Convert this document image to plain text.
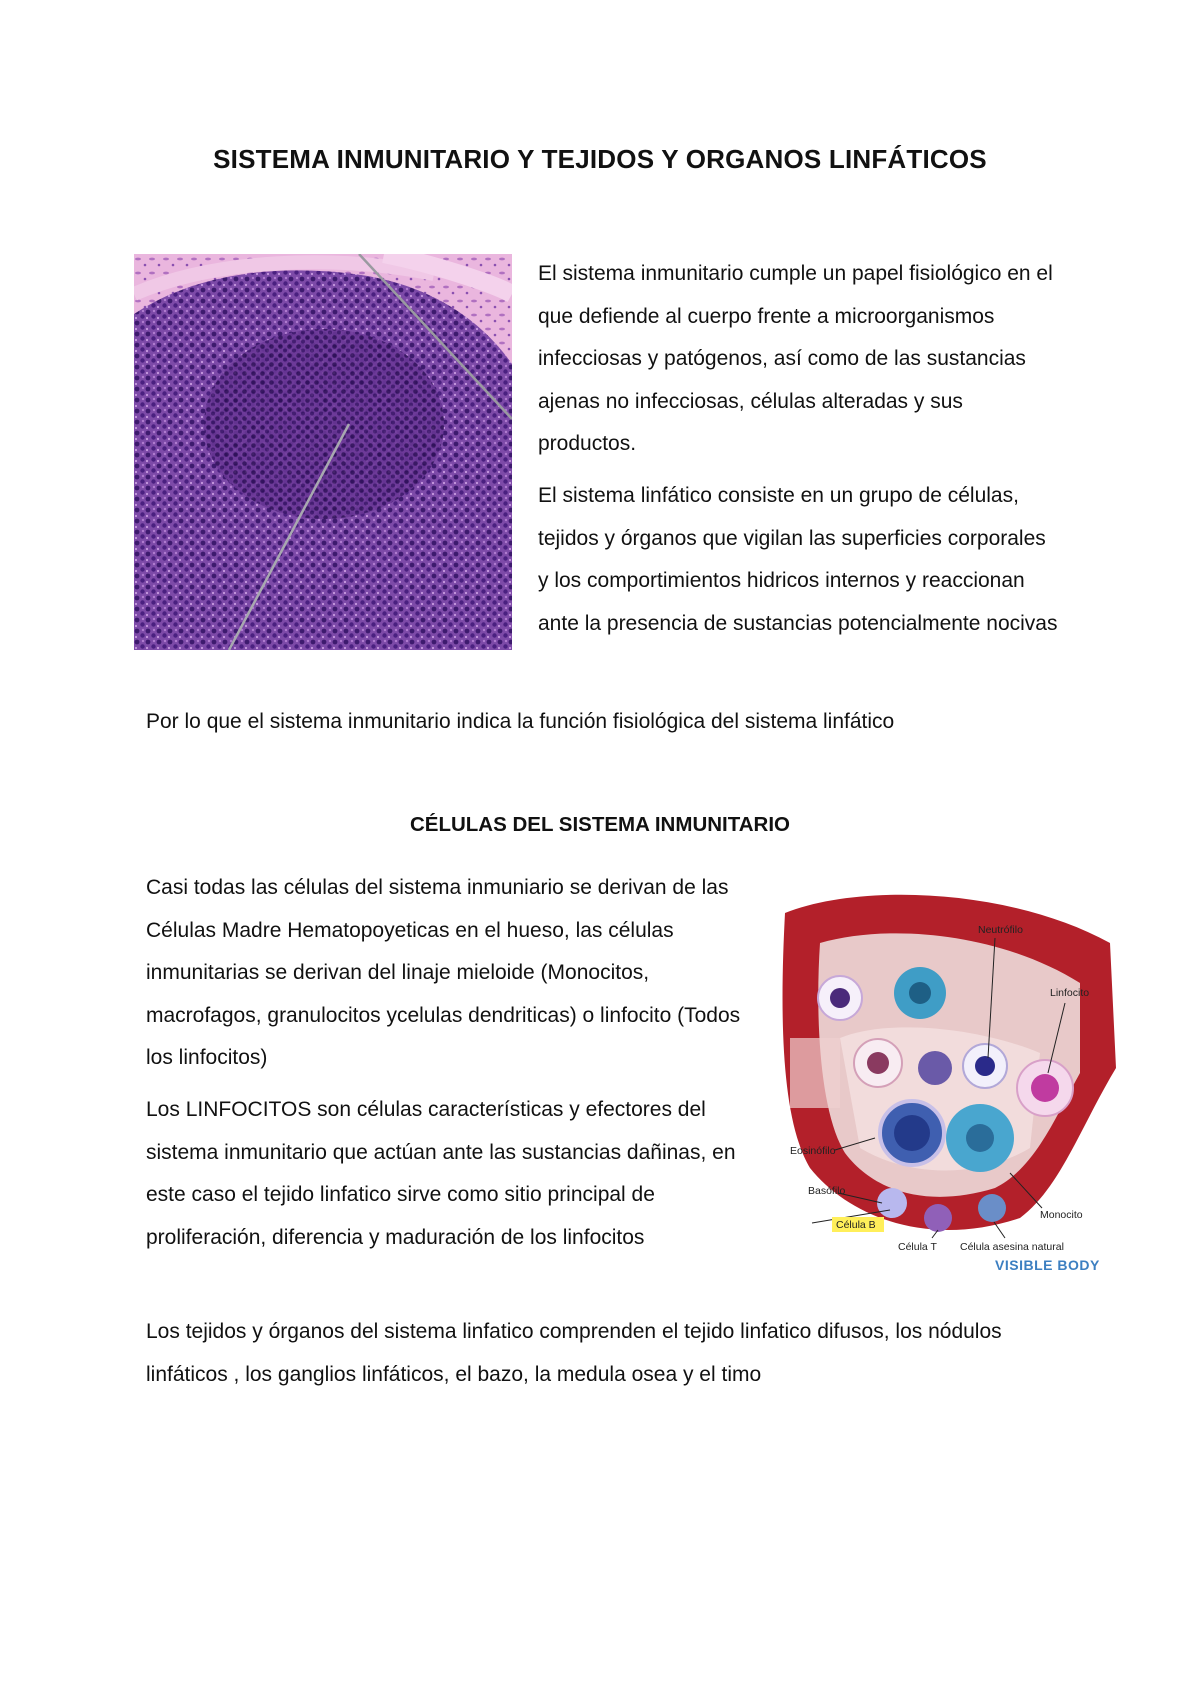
SISTEMA INMUNITARIO Y TEJIDOS Y ORGANOS LINFÁTICOS

El sistema inmunitario cumple un papel fisiológico en el que defiende al cuerpo frente a microorganismos infecciosas y patógenos, así como de las sustancias ajenas no infecciosas, células alteradas y sus productos.

El sistema linfático consiste en un grupo de células, tejidos y órganos que vigilan las superficies corporales y los comportimientos hidricos internos y reaccionan ante la presencia de sustancias potencialmente nocivas

Por lo que el sistema inmunitario indica la función fisiológica del sistema linfático

CÉLULAS DEL SISTEMA INMUNITARIO

Casi todas las células del sistema inmuniario se derivan de las Células Madre Hematopoyeticas en el hueso, las células inmunitarias se derivan del linaje mieloide (Monocitos, macrofagos, granulocitos ycelulas dendriticas) o linfocito (Todos los linfocitos)

Los LINFOCITOS son células características y efectores del sistema inmunitario que actúan ante las sustancias dañinas, en este caso el tejido linfatico sirve como sitio principal de proliferación, diferencia y maduración de los linfocitos

Los tejidos y órganos del sistema linfatico comprenden el tejido linfatico difusos, los nódulos linfáticos , los ganglios linfáticos, el bazo, la medula osea y el timo

Neutrófilo
Linfocito
Eosinófilo
Basófilo
Monocito
Célula B
Célula T Célula asesina natural
VISIBLE BODY
